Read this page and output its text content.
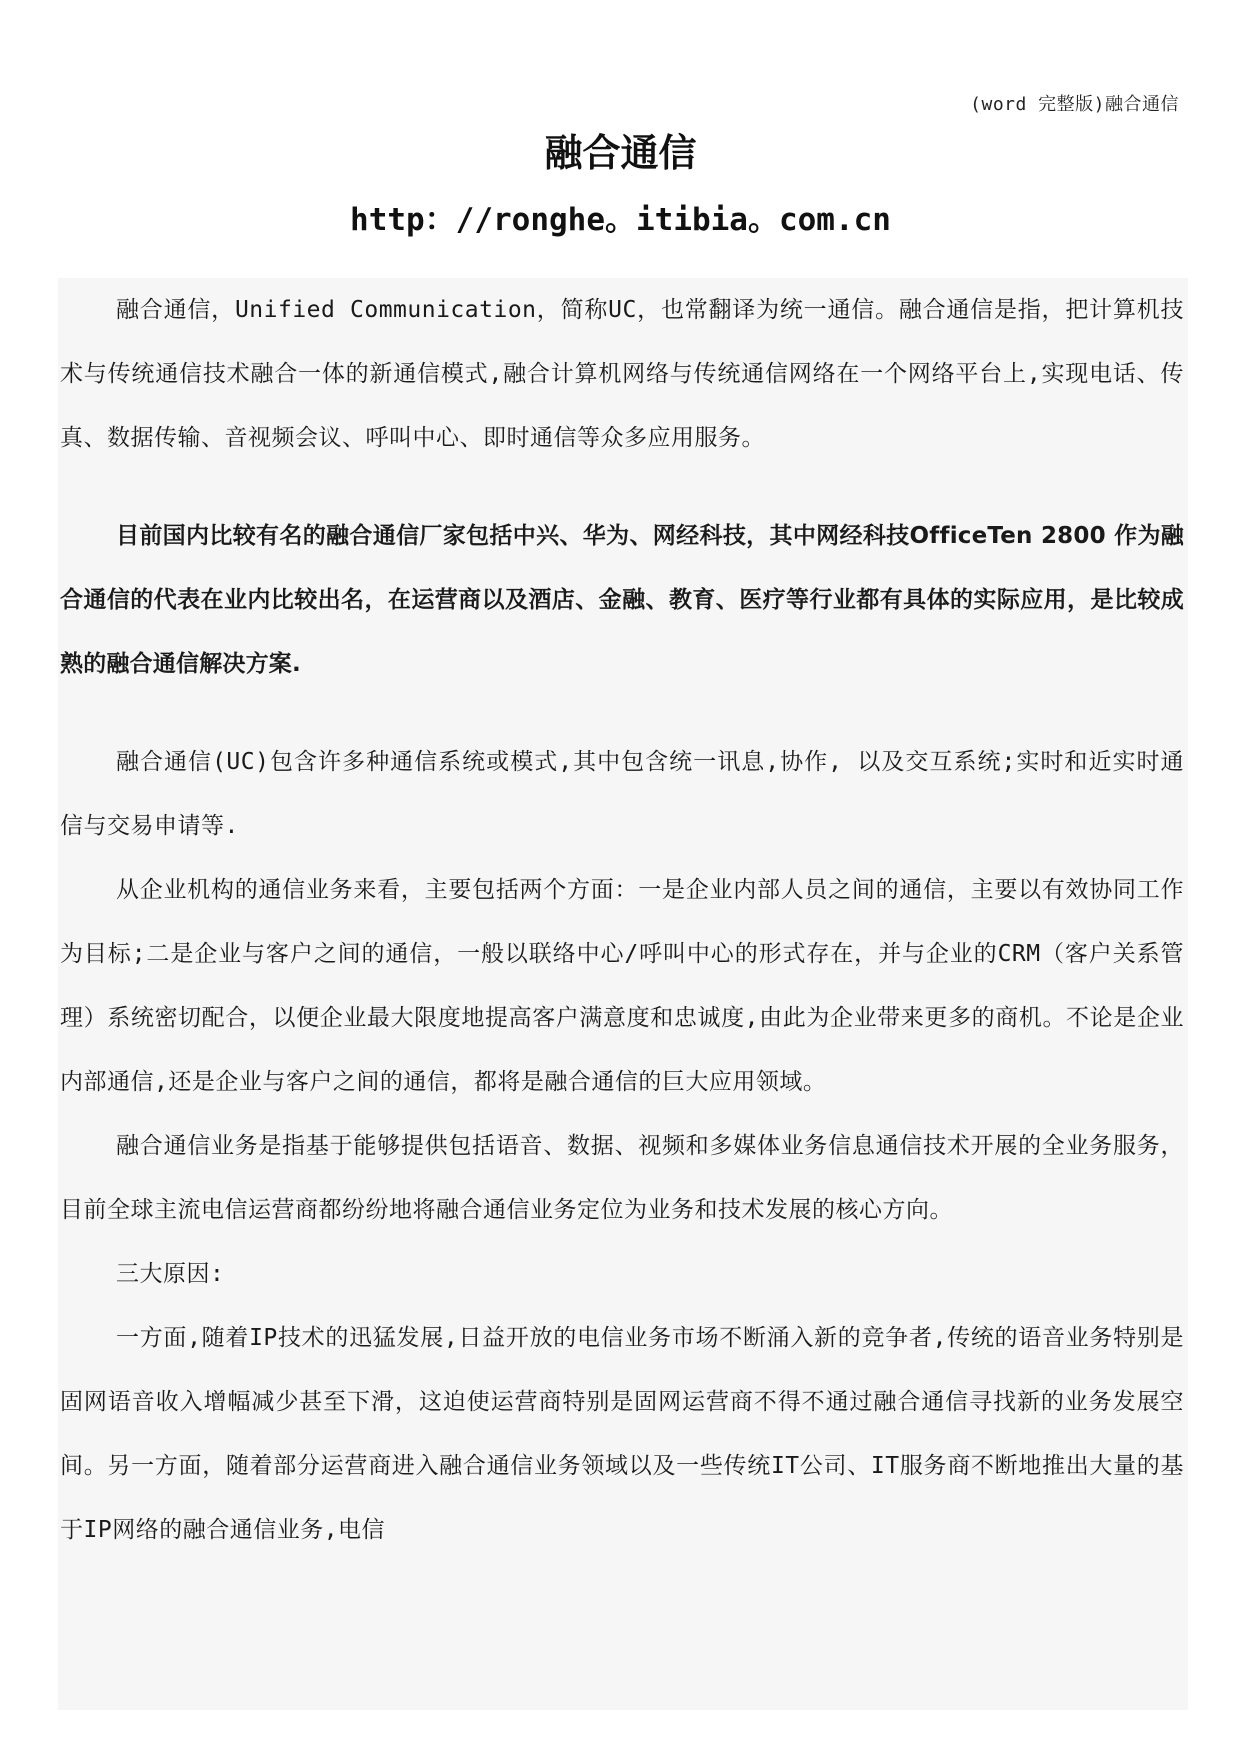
(word 完整版)融合通信
融合通信
http：//ronghe。itibia。com.cn

融合通信，Unified Communication，简称UC，也常翻译为统一通信。融合通信是指，把计算机技术与传统通信技术融合一体的新通信模式,融合计算机网络与传统通信网络在一个网络平台上,实现电话、传真、数据传输、音视频会议、呼叫中心、即时通信等众多应用服务。

目前国内比较有名的融合通信厂家包括中兴、华为、网经科技，其中网经科技OfficeTen 2800 作为融合通信的代表在业内比较出名，在运营商以及酒店、金融、教育、医疗等行业都有具体的实际应用，是比较成熟的融合通信解决方案.

融合通信(UC)包含许多种通信系统或模式,其中包含统一讯息,协作, 以及交互系统;实时和近实时通信与交易申请等.

从企业机构的通信业务来看，主要包括两个方面：一是企业内部人员之间的通信，主要以有效协同工作为目标;二是企业与客户之间的通信，一般以联络中心/呼叫中心的形式存在，并与企业的CRM（客户关系管理）系统密切配合，以便企业最大限度地提高客户满意度和忠诚度,由此为企业带来更多的商机。不论是企业内部通信,还是企业与客户之间的通信，都将是融合通信的巨大应用领域。

融合通信业务是指基于能够提供包括语音、数据、视频和多媒体业务信息通信技术开展的全业务服务，目前全球主流电信运营商都纷纷地将融合通信业务定位为业务和技术发展的核心方向。

三大原因:

一方面,随着IP技术的迅猛发展,日益开放的电信业务市场不断涌入新的竞争者,传统的语音业务特别是固网语音收入增幅减少甚至下滑，这迫使运营商特别是固网运营商不得不通过融合通信寻找新的业务发展空间。另一方面，随着部分运营商进入融合通信业务领域以及一些传统IT公司、IT服务商不断地推出大量的基于IP网络的融合通信业务,电信
